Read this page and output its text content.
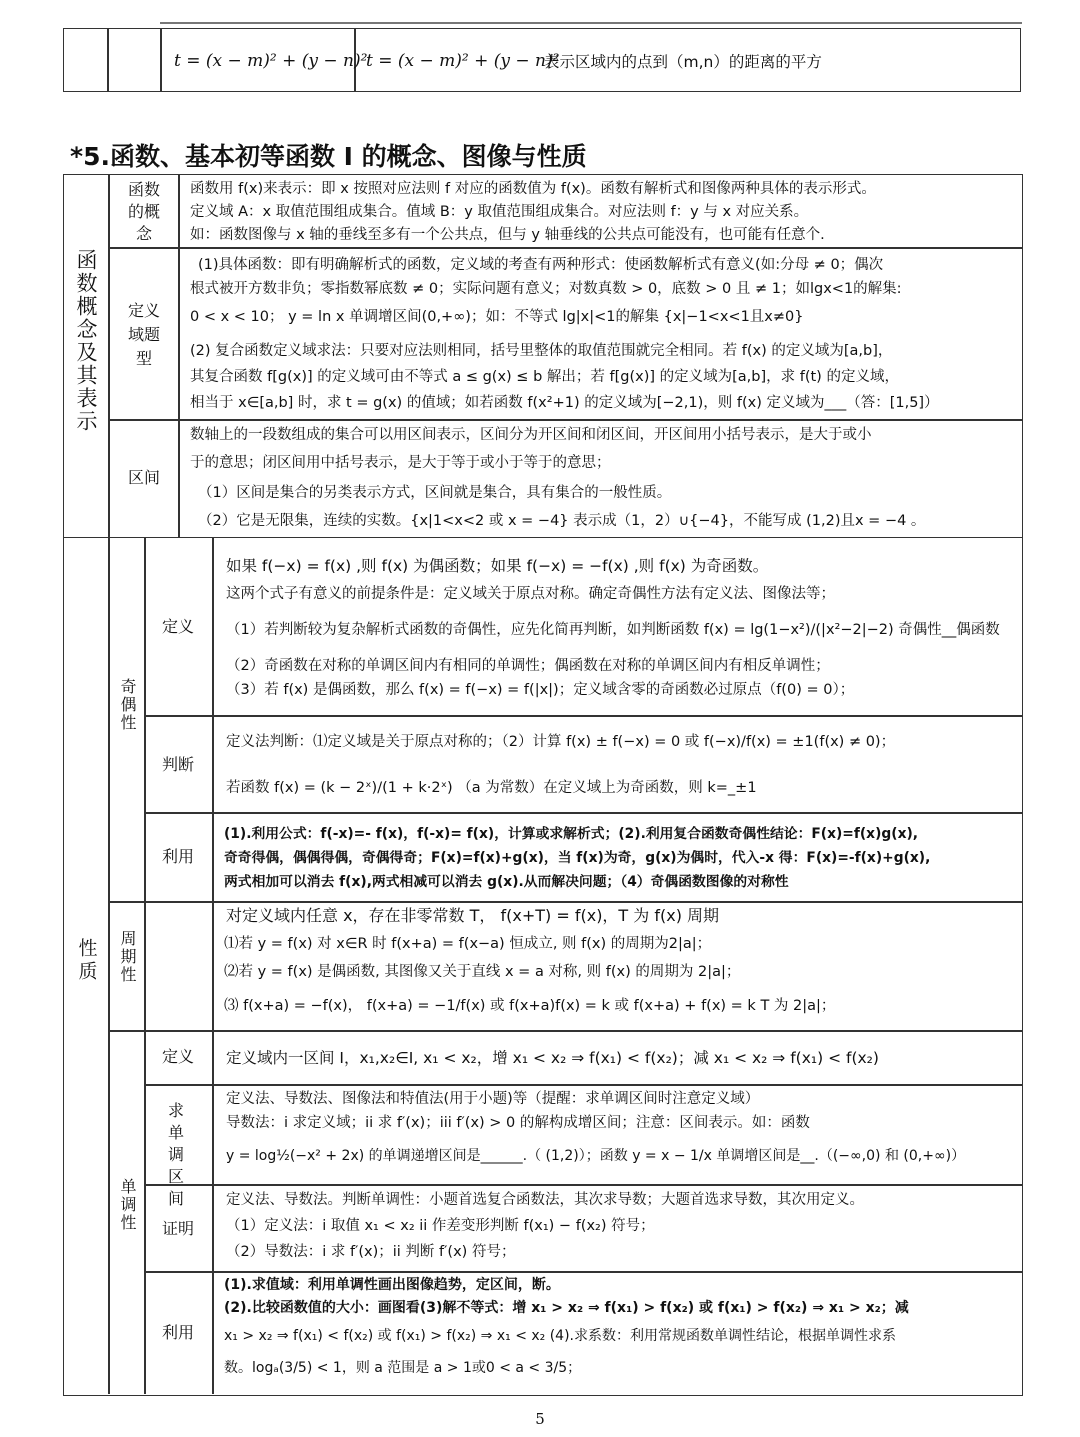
t = (x − m)² + (y − n)²
t = (x − m)² + (y − n)²
表示区域内的点到（m,n）的距离的平方
*5.函数、基本初等函数 I 的概念、图像与性质
函数概念及其表示
函数的概念
定义域题型
区间
函数用 f(x)来表示：即 x 按照对应法则 f 对应的函数值为 f(x)。函数有解析式和图像两种具体的表示形式。
定义域 A：x 取值范围组成集合。值域 B：y 取值范围组成集合。对应法则 f：y 与 x 对应关系。
如：函数图像与 x 轴的垂线至多有一个公共点，但与 y 轴垂线的公共点可能没有，也可能有任意个.
(1)具体函数：即有明确解析式的函数，定义域的考查有两种形式：使函数解析式有意义(如:分母 ≠ 0；偶次
根式被开方数非负；零指数幂底数 ≠ 0；实际问题有意义；对数真数 > 0，底数 > 0 且 ≠ 1；如lgx<1的解集:
0 < x < 10； y = ln x 单调增区间(0,+∞)；如：不等式 lg|x|<1的解集 {x|−1<x<1且x≠0}
(2) 复合函数定义域求法：只要对应法则相同，括号里整体的取值范围就完全相同。若 f(x) 的定义域为[a,b]，
其复合函数 f[g(x)] 的定义域可由不等式 a ≤ g(x) ≤ b 解出；若 f[g(x)] 的定义域为[a,b]，求 f(t) 的定义域，
相当于 x∈[a,b] 时，求 t = g(x) 的值域；如若函数 f(x²+1) 的定义域为[−2,1)，则 f(x) 定义域为___（答：[1,5]）
数轴上的一段数组成的集合可以用区间表示，区间分为开区间和闭区间，开区间用小括号表示，是大于或小
于的意思；闭区间用中括号表示，是大于等于或小于等于的意思；
（1）区间是集合的另类表示方式，区间就是集合，具有集合的一般性质。
（2）它是无限集，连续的实数。{x|1<x<2 或 x = −4} 表示成（1，2）∪{−4}，不能写成 (1,2)且x = −4 。
性质
奇偶性
周期性
单调性
定义
判断
利用
定义
求单调区间
证明
利用
如果 f(−x) = f(x) ,则 f(x) 为偶函数；如果 f(−x) = −f(x) ,则 f(x) 为奇函数。
这两个式子有意义的前提条件是：定义域关于原点对称。确定奇偶性方法有定义法、图像法等；
（1）若判断较为复杂解析式函数的奇偶性，应先化简再判断，如判断函数 f(x) = lg(1−x²)/(|x²−2|−2) 奇偶性__偶函数
（2）奇函数在对称的单调区间内有相同的单调性；偶函数在对称的单调区间内有相反单调性；
（3）若 f(x) 是偶函数，那么 f(x) = f(−x) = f(|x|)；定义域含零的奇函数必过原点（f(0) = 0）；
定义法判断：⑴定义域是关于原点对称的；（2）计算 f(x) ± f(−x) = 0 或 f(−x)/f(x) = ±1(f(x) ≠ 0)；
若函数 f(x) = (k − 2ˣ)/(1 + k·2ˣ) （a 为常数）在定义域上为奇函数，则 k=_±1
(1).利用公式：f(-x)=- f(x)，f(-x)= f(x)，计算或求解析式；(2).利用复合函数奇偶性结论：F(x)=f(x)g(x),
奇奇得偶，偶偶得偶，奇偶得奇；F(x)=f(x)+g(x)，当 f(x)为奇，g(x)为偶时，代入-x 得：F(x)=-f(x)+g(x),
两式相加可以消去 f(x),两式相减可以消去 g(x).从而解决问题；（4）奇偶函数图像的对称性
对定义域内任意 x，存在非零常数 T， f(x+T) = f(x)，T 为 f(x) 周期
⑴若 y = f(x) 对 x∈R 时 f(x+a) = f(x−a) 恒成立, 则 f(x) 的周期为2|a|；
⑵若 y = f(x) 是偶函数, 其图像又关于直线 x = a 对称, 则 f(x) 的周期为 2|a|；
⑶ f(x+a) = −f(x)， f(x+a) = −1/f(x) 或 f(x+a)f(x) = k 或 f(x+a) + f(x) = k T 为 2|a|；
定义域内一区间 I，x₁,x₂∈I, x₁ < x₂，增 x₁ < x₂ ⇒ f(x₁) < f(x₂)；减 x₁ < x₂ ⇒ f(x₁) < f(x₂)
定义法、导数法、图像法和特值法(用于小题)等（提醒：求单调区间时注意定义域）
导数法：i 求定义域；ii 求 f′(x)；iii f′(x) > 0 的解构成增区间；注意：区间表示。如：函数
y = log½(−x² + 2x) 的单调递增区间是______.（ (1,2)）；函数 y = x − 1/x 单调增区间是__.（(−∞,0) 和 (0,+∞)）
定义法、导数法。判断单调性：小题首选复合函数法，其次求导数；大题首选求导数，其次用定义。
（1）定义法：i 取值 x₁ < x₂ ii 作差变形判断 f(x₁) − f(x₂) 符号；
（2）导数法：i 求 f′(x)；ii 判断 f′(x) 符号；
(1).求值域：利用单调性画出图像趋势，定区间，断。
(2).比较函数值的大小：画图看(3)解不等式：增 x₁ > x₂ ⇒ f(x₁) > f(x₂) 或 f(x₁) > f(x₂) ⇒ x₁ > x₂；减
x₁ > x₂ ⇒ f(x₁) < f(x₂) 或 f(x₁) > f(x₂) ⇒ x₁ < x₂ (4).求系数：利用常规函数单调性结论，根据单调性求系
数。logₐ(3/5) < 1，则 a 范围是 a > 1或0 < a < 3/5；
5
